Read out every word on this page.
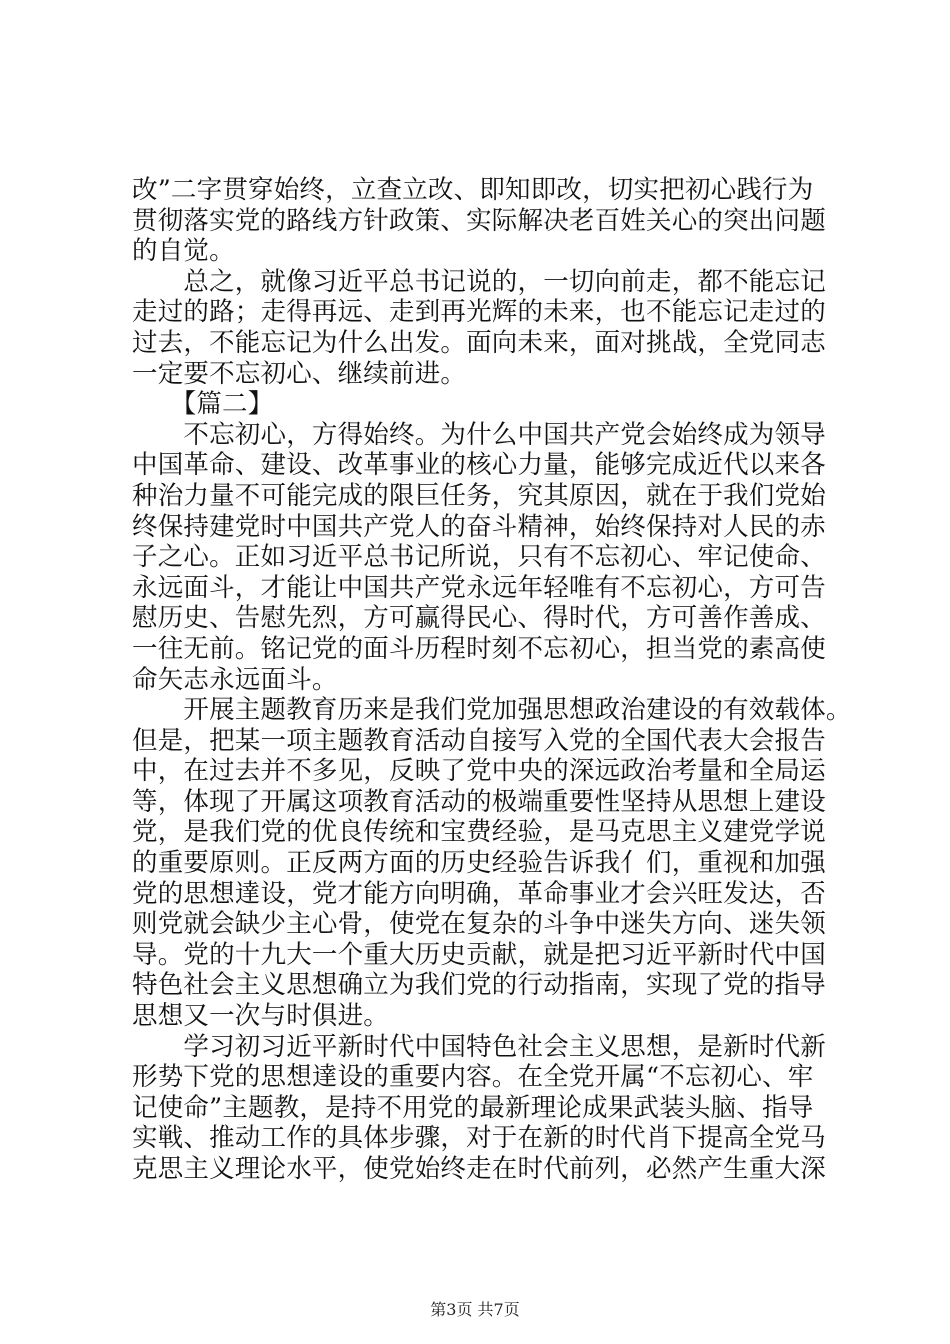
改”二字贯穿始终，立查立改、即知即改，切实把初心践行为
贯彻落实党的路线方针政策、实际解决老百姓关心的突出问题
的自觉。
　　总之，就像习近平总书记说的，一切向前走，都不能忘记
走过的路；走得再远、走到再光辉的未来，也不能忘记走过的
过去，不能忘记为什么出发。面向未来，面对挑战，全党同志
一定要不忘初心、继续前进。
　　【篇二】
　　不忘初心，方得始终。为什么中国共产党会始终成为领导
中国革命、建设、改革事业的核心力量，能够完成近代以来各
种治力量不可能完成的限巨任务，究其原因，就在于我们党始
终保持建党时中国共产党人的奋斗精神，始终保持对人民的赤
子之心。正如习近平总书记所说，只有不忘初心、牢记使命、
永远面斗，才能让中国共产党永远年轻唯有不忘初心，方可告
慰历史、告慰先烈，方可赢得民心、得时代，方可善作善成、
一往无前。铭记党的面斗历程时刻不忘初心，担当党的素高使
命矢志永远面斗。
　　开展主题教育历来是我们党加强思想政治建设的有效载体。
但是，把某一项主题教育活动自接写入党的全国代表大会报告
中，在过去并不多见，反映了党中央的深远政治考量和全局运
等，体现了开属这项教育活动的极端重要性坚持从思想上建设
党，是我们党的优良传统和宝费经验，是马克思主义建党学说
的重要原则。正反两方面的历史经验告诉我亻们，重视和加强
党的思想達设，党才能方向明确，革命事业才会兴旺发达，否
则党就会缺少主心骨，使党在复杂的斗争中迷失方向、迷失领
导。党的十九大一个重大历史贡献，就是把习近平新时代中国
特色社会主义思想确立为我们党的行动指南，实现了党的指导
思想又一次与时俱进。
　　学习初习近平新时代中国特色社会主义思想，是新时代新
形势下党的思想達设的重要内容。在全党开属“不忘初心、牢
记使命”主题教，是持不用党的最新理论成果武装头脑、指导
实戦、推动工作的具体步骤，对于在新的时代肖下提高全党马
克思主义理论水平，使党始终走在时代前列，必然产生重大深
第3页 共7页
